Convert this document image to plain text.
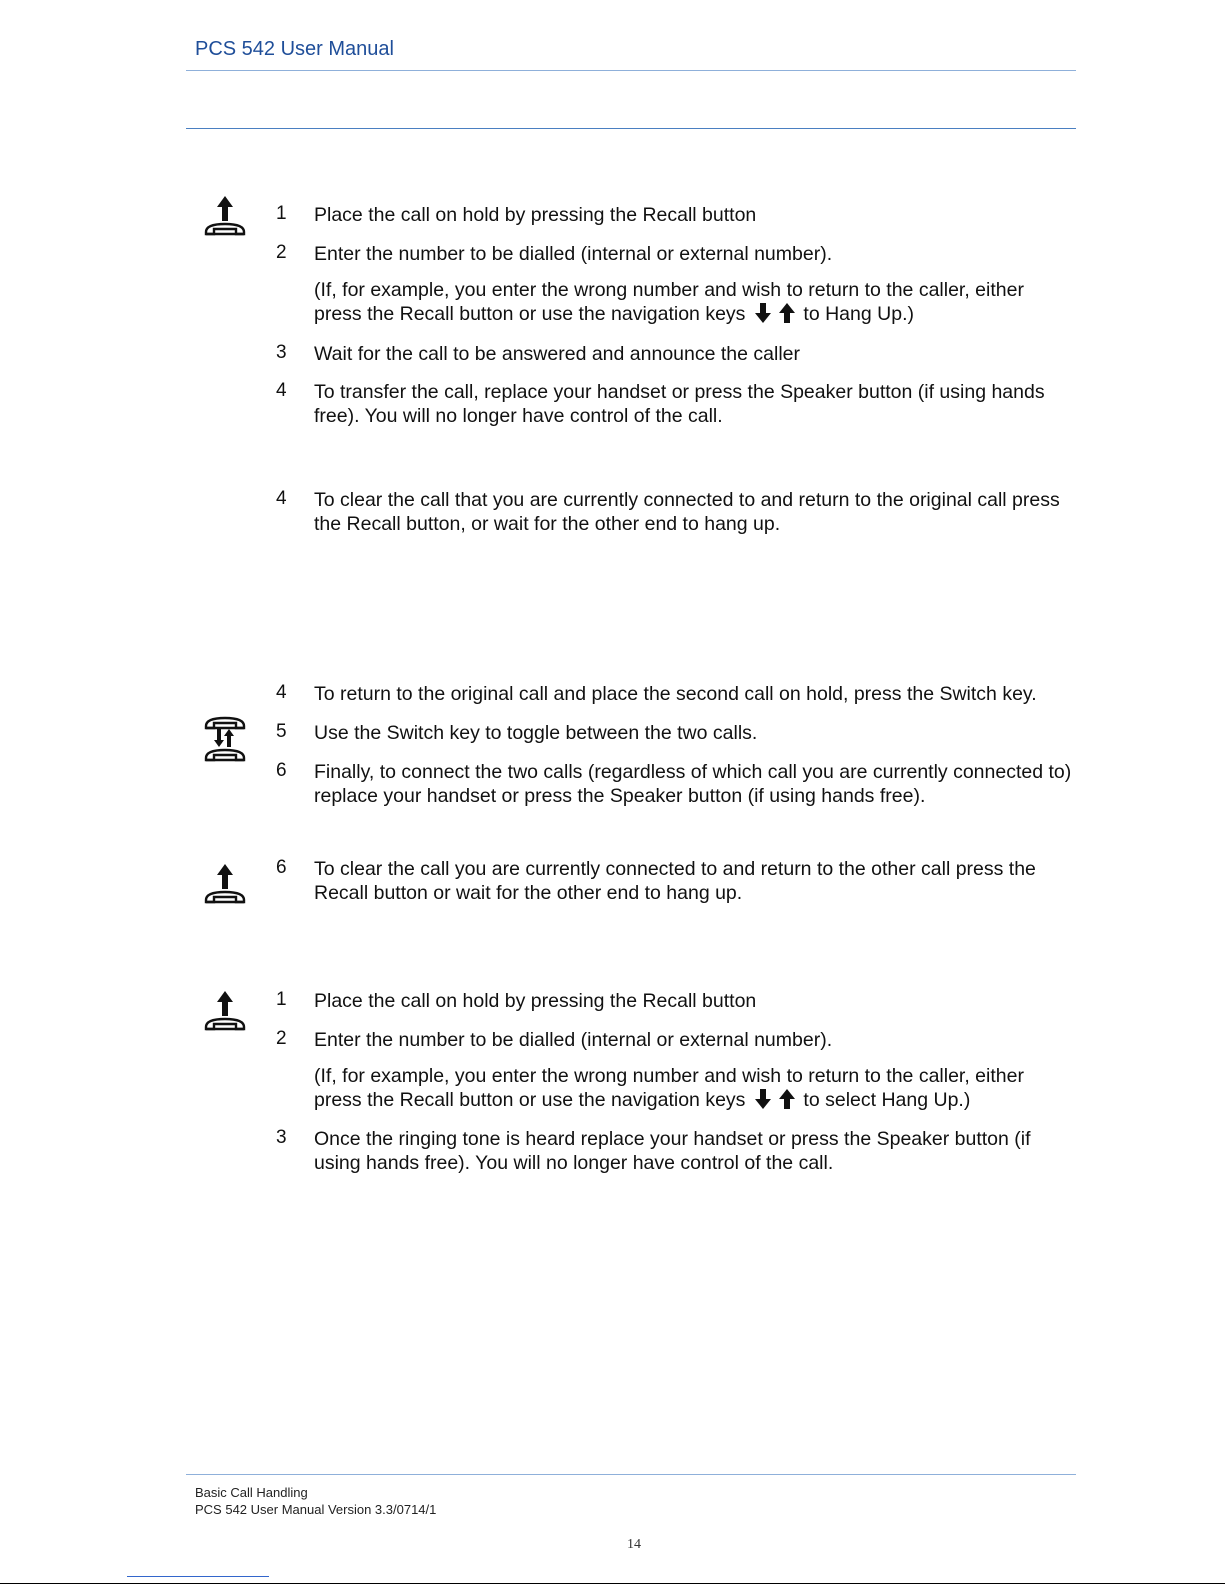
PCS 542 User Manual
1 Place the call on hold by pressing the Recall button
2 Enter the number to be dialled (internal or external number).
(If, for example, you enter the wrong number and wish to return to the caller, either press the Recall button or use the navigation keys	to Hang Up.)
3 Wait for the call to be answered and announce the caller
4 To transfer the call, replace your handset or press the Speaker button (if using hands free). You will no longer have control of the call.
4 To clear the call that you are currently connected to and return to the original call press the Recall button, or wait for the other end to hang up.
4 To return to the original call and place the second call on hold, press the Switch key.
5 Use the Switch key to toggle between the two calls.
6 Finally, to connect the two calls (regardless of which call you are currently connected to) replace your handset or press the Speaker button (if using hands free).
6 To clear the call you are currently connected to and return to the other call press the Recall button or wait for the other end to hang up.
1 Place the call on hold by pressing the Recall button
2 Enter the number to be dialled (internal or external number).
(If, for example, you enter the wrong number and wish to return to the caller, either press the Recall button or use the navigation keys	to select Hang Up.)
3 Once the ringing tone is heard replace your handset or press the Speaker button (if using hands free). You will no longer have control of the call.
Basic Call Handling
PCS 542 User Manual Version 3.3/0714/1
14
